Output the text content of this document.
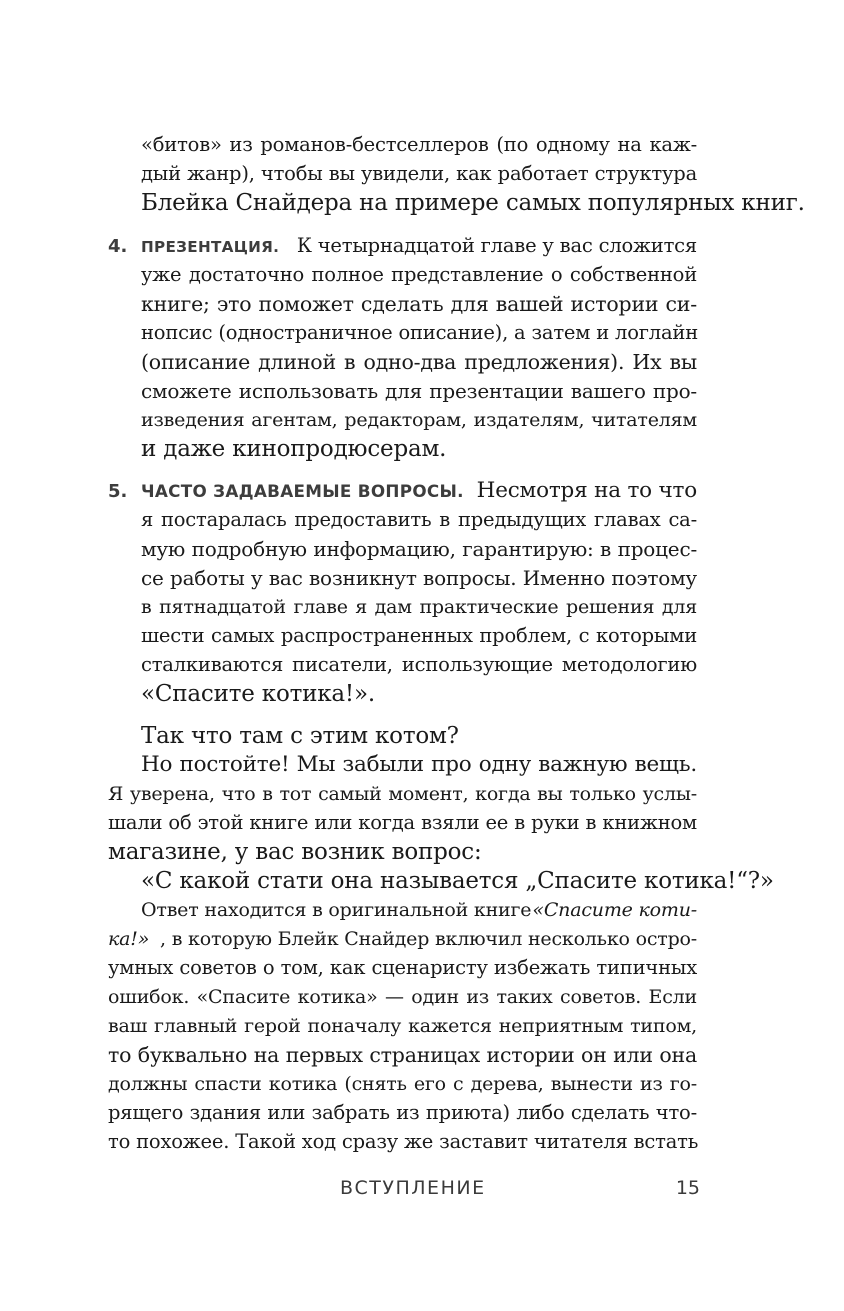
«битов» из романов-бестселлеров (по одному на каж-
дый жанр), чтобы вы увидели, как работает структура
Блейка Снайдера на примере самых популярных книг.
4. ПРЕЗЕНТАЦИЯ. К четырнадцатой главе у вас сложится
уже достаточно полное представление о собственной
книге; это поможет сделать для вашей истории си-
нопсис (одностраничное описание), а затем и логлайн
(описание длиной в одно-два предложения). Их вы
сможете использовать для презентации вашего про-
изведения агентам, редакторам, издателям, читателям
и даже кинопродюсерам.
5. ЧАСТО ЗАДАВАЕМЫЕ ВОПРОСЫ. Несмотря на то что
я постаралась предоставить в предыдущих главах са-
мую подробную информацию, гарантирую: в процес-
се работы у вас возникнут вопросы. Именно поэтому
в пятнадцатой главе я дам практические решения для
шести самых распространенных проблем, с которыми
сталкиваются писатели, использующие методологию
«Спасите котика!».
Так что там с этим котом?
Но постойте! Мы забыли про одну важную вещь.
Я уверена, что в тот самый момент, когда вы только услы-
шали об этой книге или когда взяли ее в руки в книжном
магазине, у вас возник вопрос:
«С какой стати она называется „Спасите котика!“?»
Ответ находится в оригинальной книге «Спасите коти-
ка!» , в которую Блейк Снайдер включил несколько остро-
умных советов о том, как сценаристу избежать типичных
ошибок. «Спасите котика» — один из таких советов. Если
ваш главный герой поначалу кажется неприятным типом,
то буквально на первых страницах истории он или она
должны спасти котика (снять его с дерева, вынести из го-
рящего здания или забрать из приюта) либо сделать что-
то похожее. Такой ход сразу же заставит читателя встать
ВСТУПЛЕНИЕ	15
